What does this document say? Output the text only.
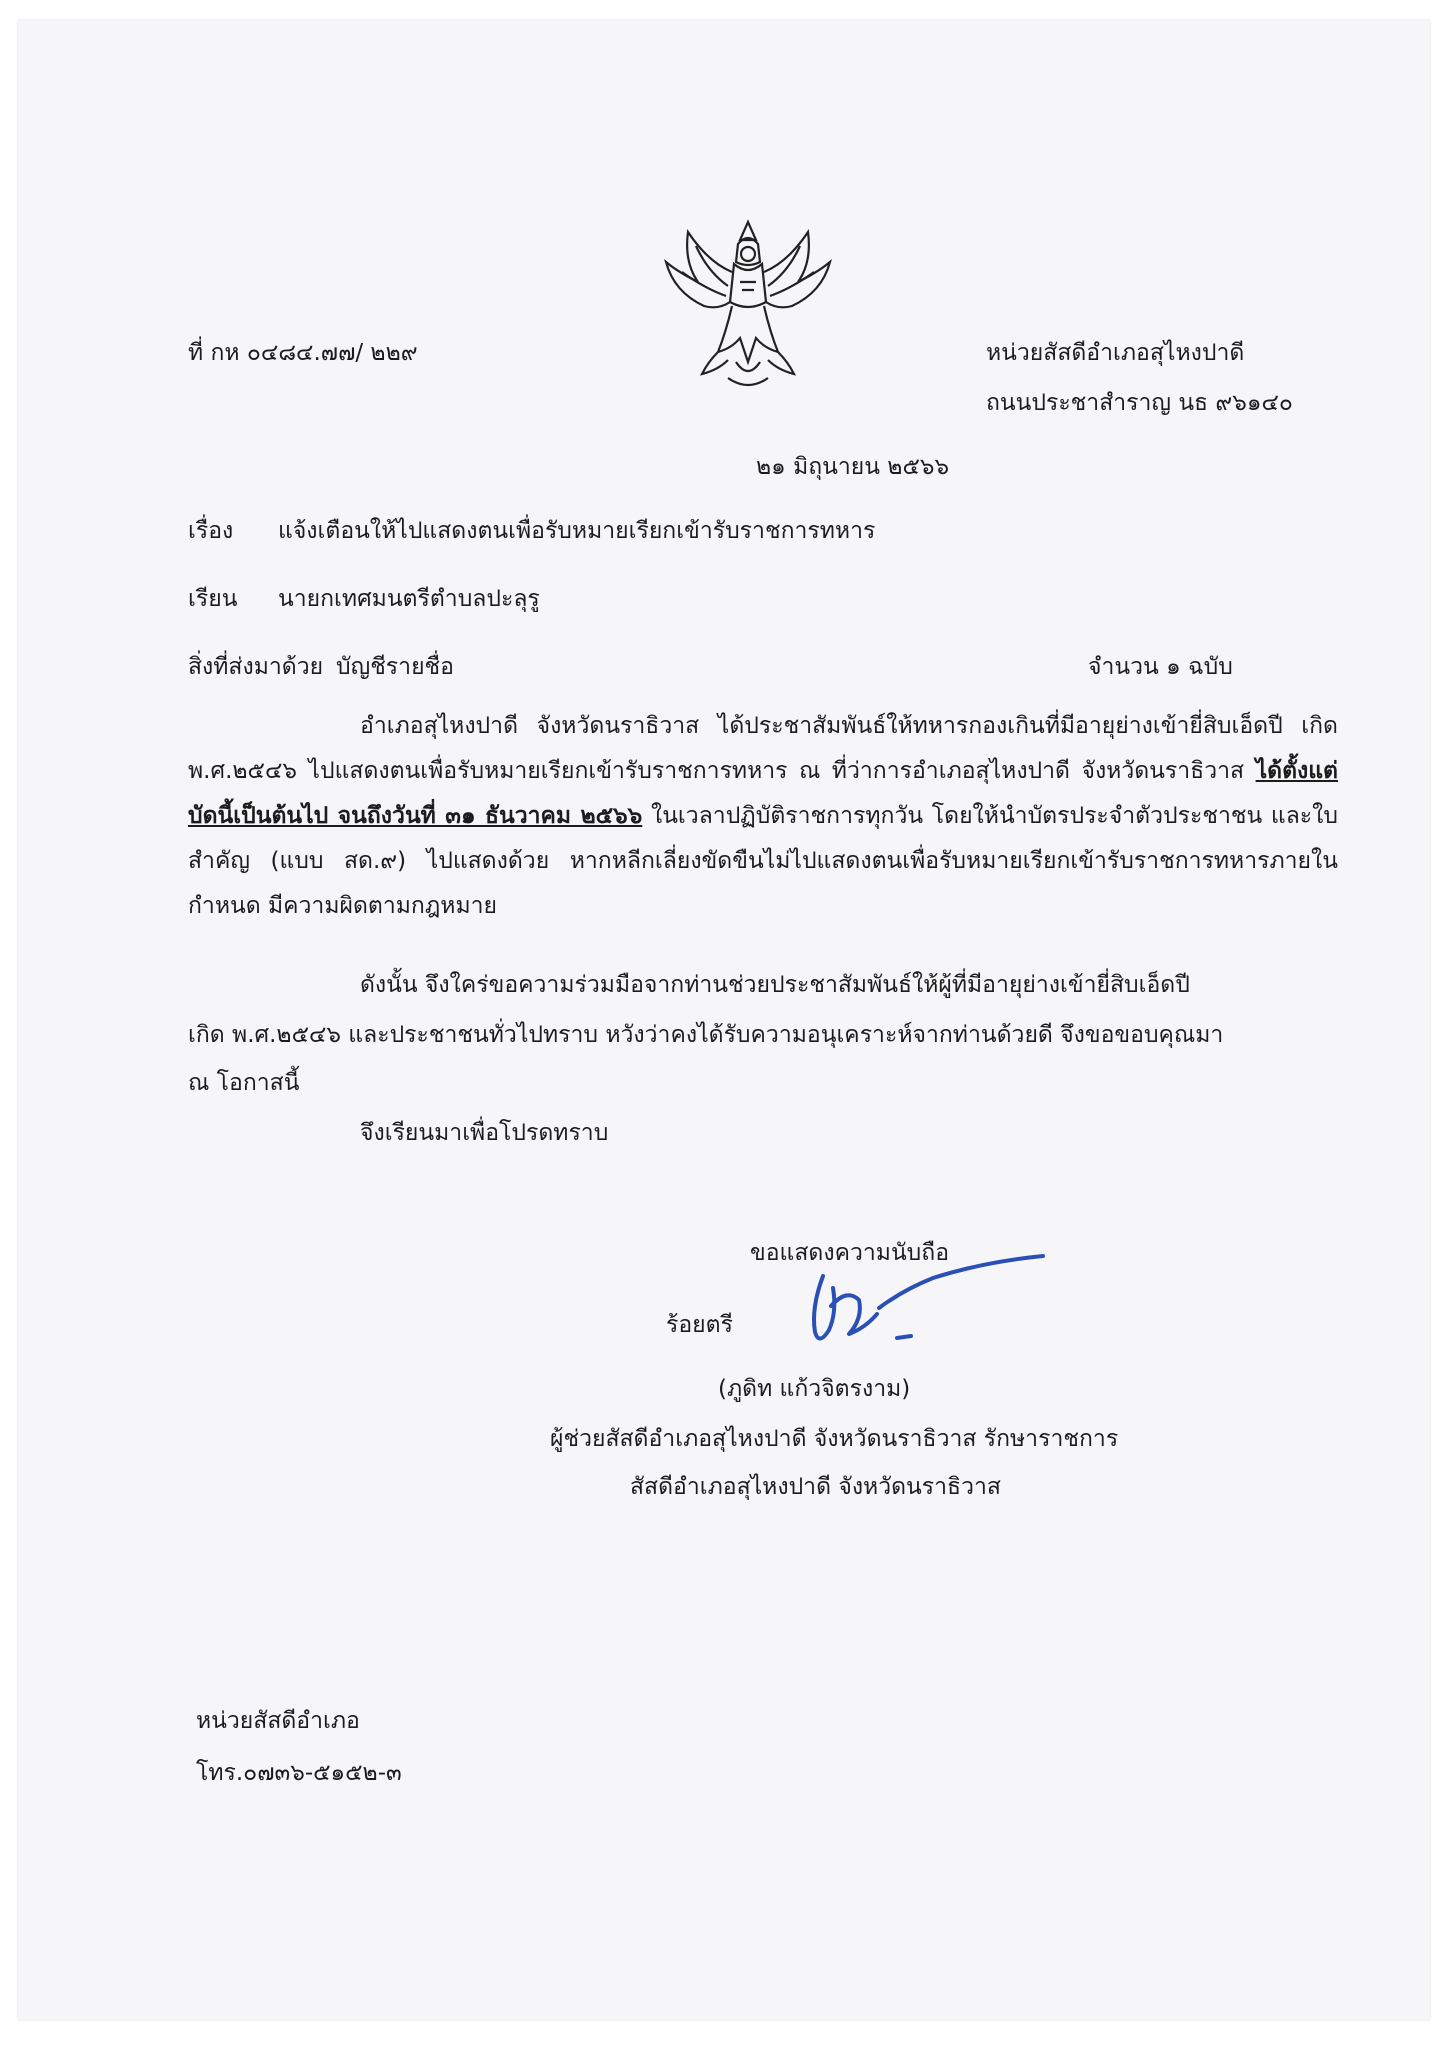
ที่ กห ๐๔๘๔.๗๗/ ๒๒๙	หน่วยสัสดีอำเภอสุไหงปาดี
ถนนประชาสำราญ นธ ๙๖๑๔๐
๒๑ มิถุนายน ๒๕๖๖
เรื่อง แจ้งเตือนให้ไปแสดงตนเพื่อรับหมายเรียกเข้ารับราชการทหาร
เรียน นายกเทศมนตรีตำบลปะลุรู
สิ่งที่ส่งมาด้วย บัญชีรายชื่อ	จำนวน ๑ ฉบับ
อำเภอสุไหงปาดี จังหวัดนราธิวาส ได้ประชาสัมพันธ์ให้ทหารกองเกินที่มีอายุย่างเข้ายี่สิบเอ็ดปี เกิด พ.ศ.๒๕๔๖ ไปแสดงตนเพื่อรับหมายเรียกเข้ารับราชการทหาร ณ ที่ว่าการอำเภอสุไหงปาดี จังหวัดนราธิวาส ได้ตั้งแต่บัดนี้เป็นต้นไป จนถึงวันที่ ๓๑ ธันวาคม ๒๕๖๖ ในเวลาปฏิบัติราชการทุกวัน โดยให้นำบัตรประจำตัวประชาชน และใบสำคัญ (แบบ สด.๙) ไปแสดงด้วย หากหลีกเลี่ยงขัดขืนไม่ไปแสดงตนเพื่อรับหมายเรียกเข้ารับราชการทหารภายในกำหนด มีความผิดตามกฎหมาย
ดังนั้น จึงใคร่ขอความร่วมมือจากท่านช่วยประชาสัมพันธ์ให้ผู้ที่มีอายุย่างเข้ายี่สิบเอ็ดปี
เกิด พ.ศ.๒๕๔๖ และประชาชนทั่วไปทราบ หวังว่าคงได้รับความอนุเคราะห์จากท่านด้วยดี จึงขอขอบคุณมา
ณ โอกาสนี้
จึงเรียนมาเพื่อโปรดทราบ
ขอแสดงความนับถือ
ร้อยตรี
(ภูดิท แก้วจิตรงาม)
ผู้ช่วยสัสดีอำเภอสุไหงปาดี จังหวัดนราธิวาส รักษาราชการ
สัสดีอำเภอสุไหงปาดี จังหวัดนราธิวาส
หน่วยสัสดีอำเภอ
โทร.๐๗๓๖-๕๑๕๒-๓
